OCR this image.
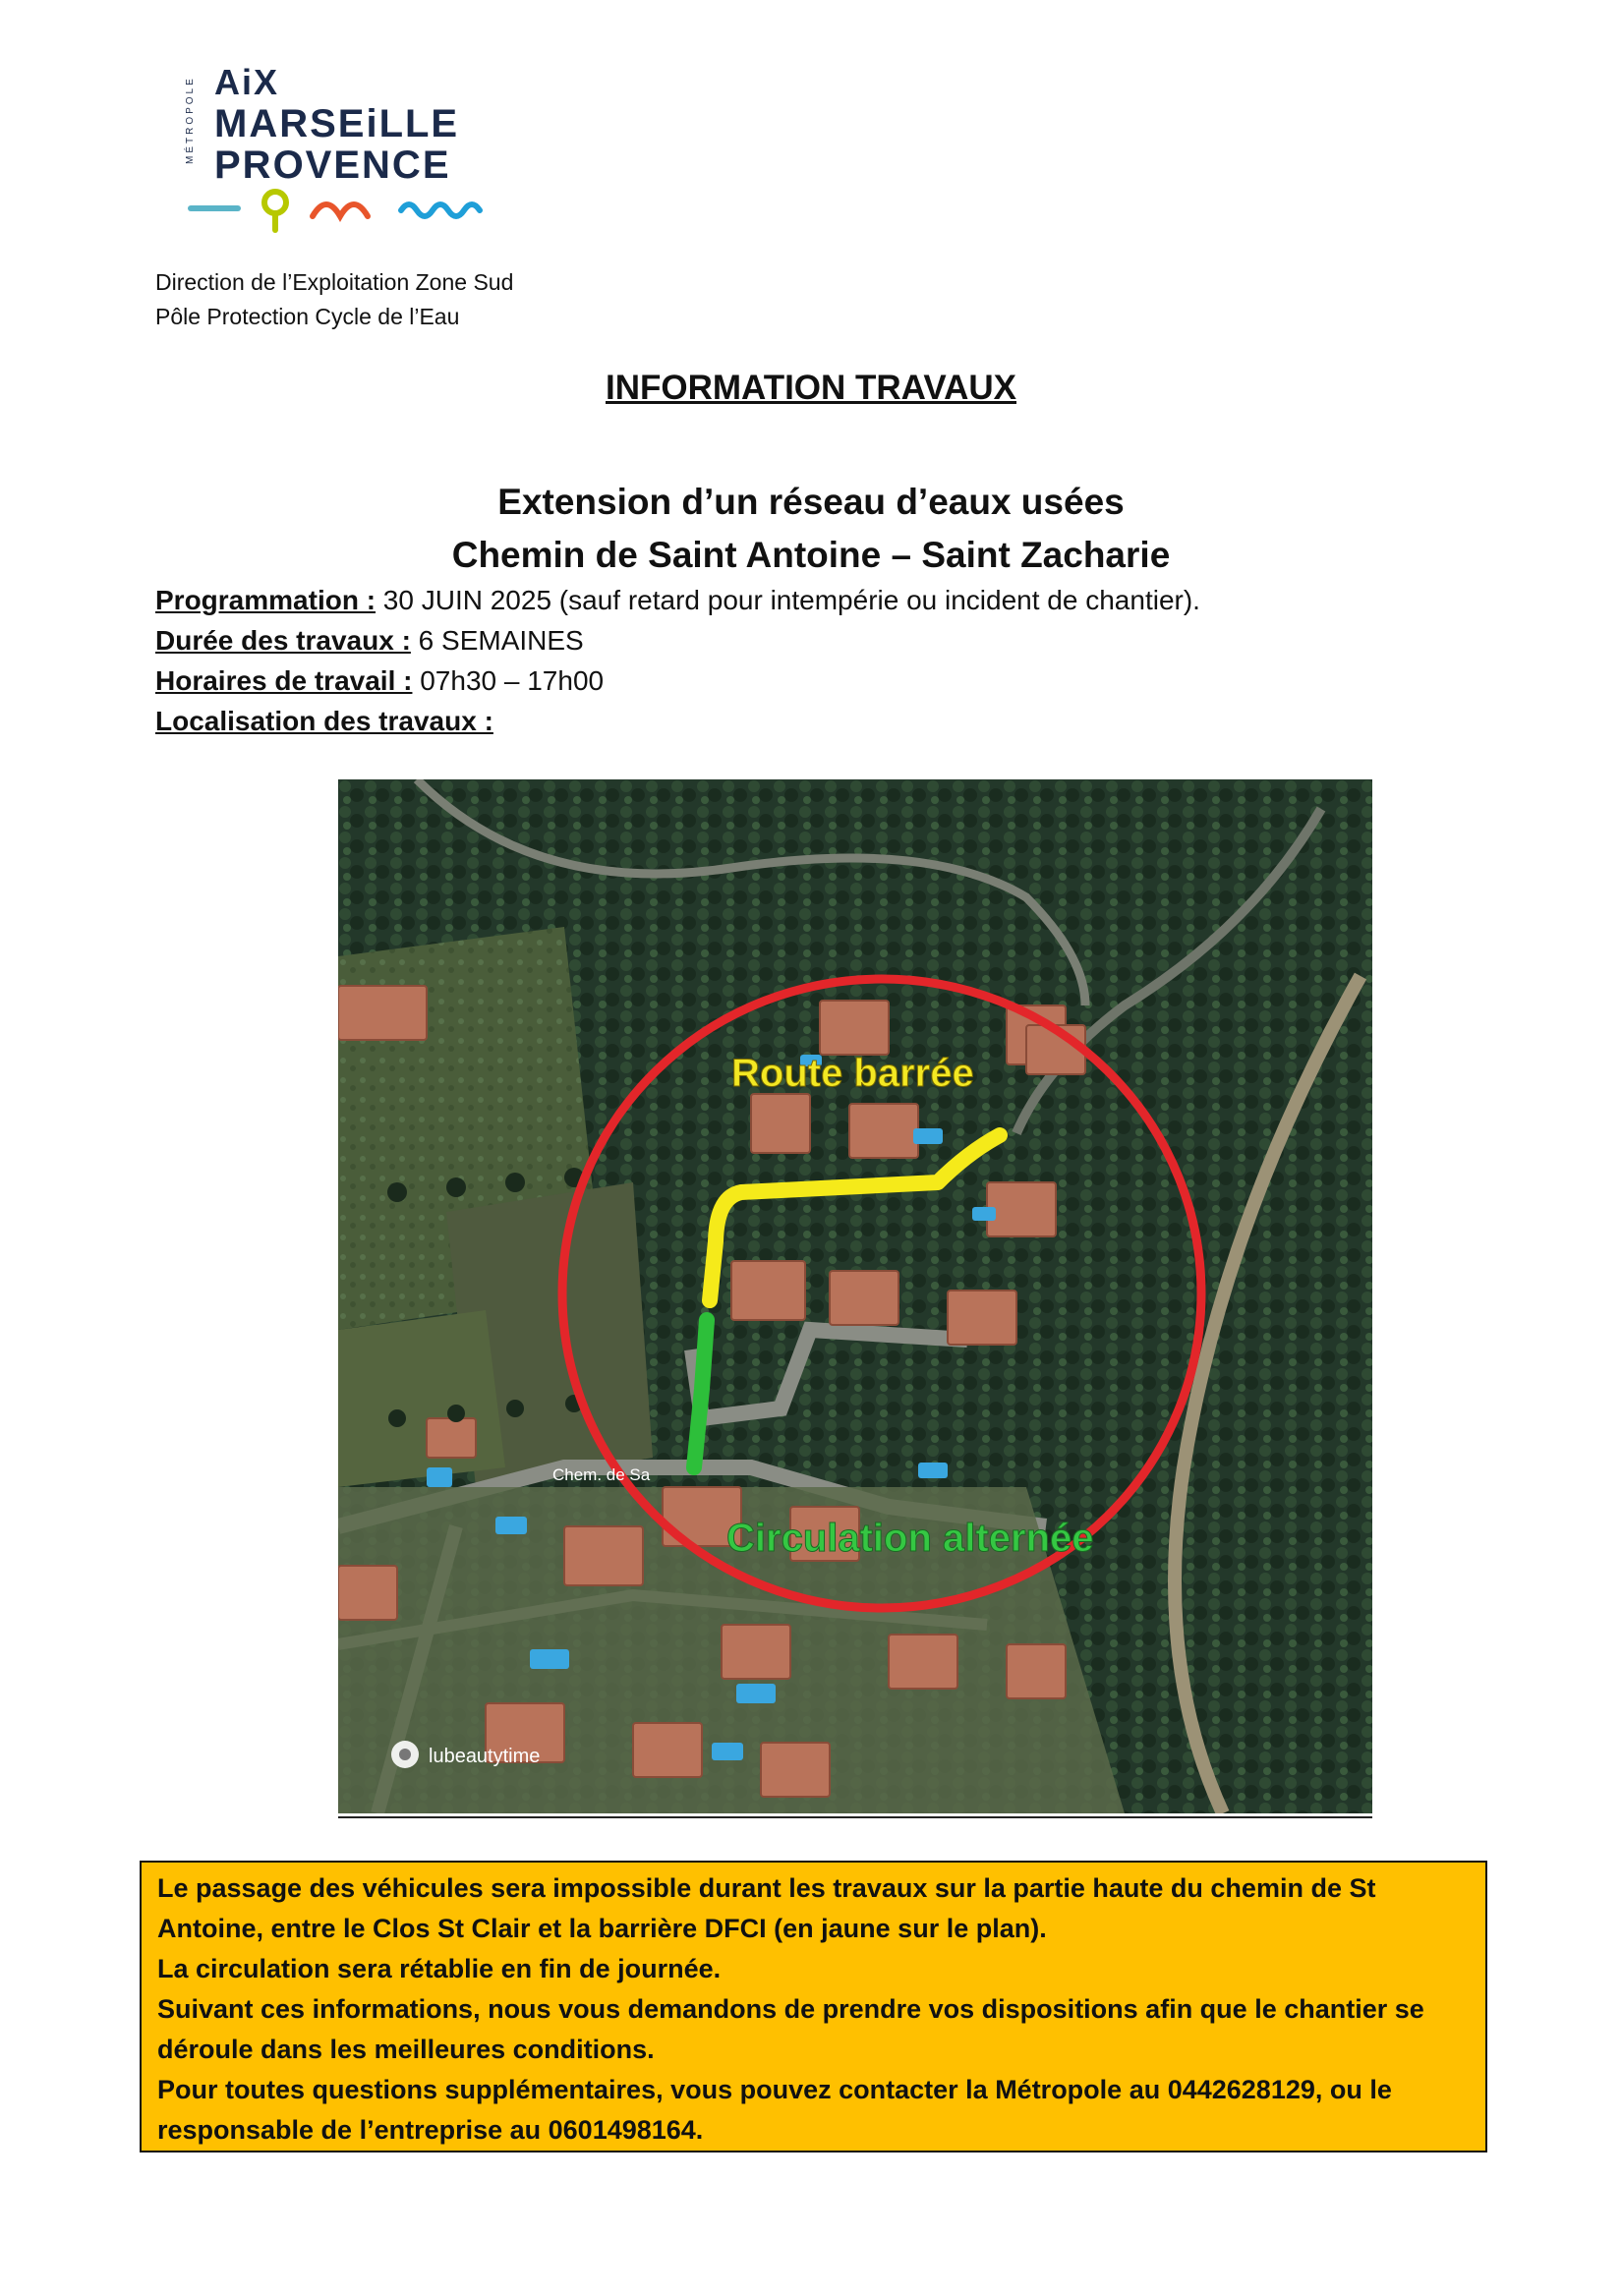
MÉTROPOLE AiX
MARSEiLLE
PROVENCE
Direction de l’Exploitation Zone Sud
Pôle Protection Cycle de l’Eau
INFORMATION TRAVAUX
Extension d’un réseau d’eaux usées
Chemin de Saint Antoine – Saint Zacharie
Programmation : 30 JUIN 2025 (sauf retard pour intempérie ou incident de chantier).
Durée des travaux : 6 SEMAINES
Horaires de travail : 07h30 – 17h00
Localisation des travaux :
Route barrée
Circulation alternée
Chem. de Sa
lubeautytime

Le passage des véhicules sera impossible durant les travaux sur la partie haute du chemin de St Antoine, entre le Clos St Clair et la barrière DFCI (en jaune sur le plan).

La circulation sera rétablie en fin de journée.

Suivant ces informations, nous vous demandons de prendre vos dispositions afin que le chantier se déroule dans les meilleures conditions.

Pour toutes questions supplémentaires, vous pouvez contacter la Métropole au 0442628129, ou le responsable de l’entreprise au 0601498164.
